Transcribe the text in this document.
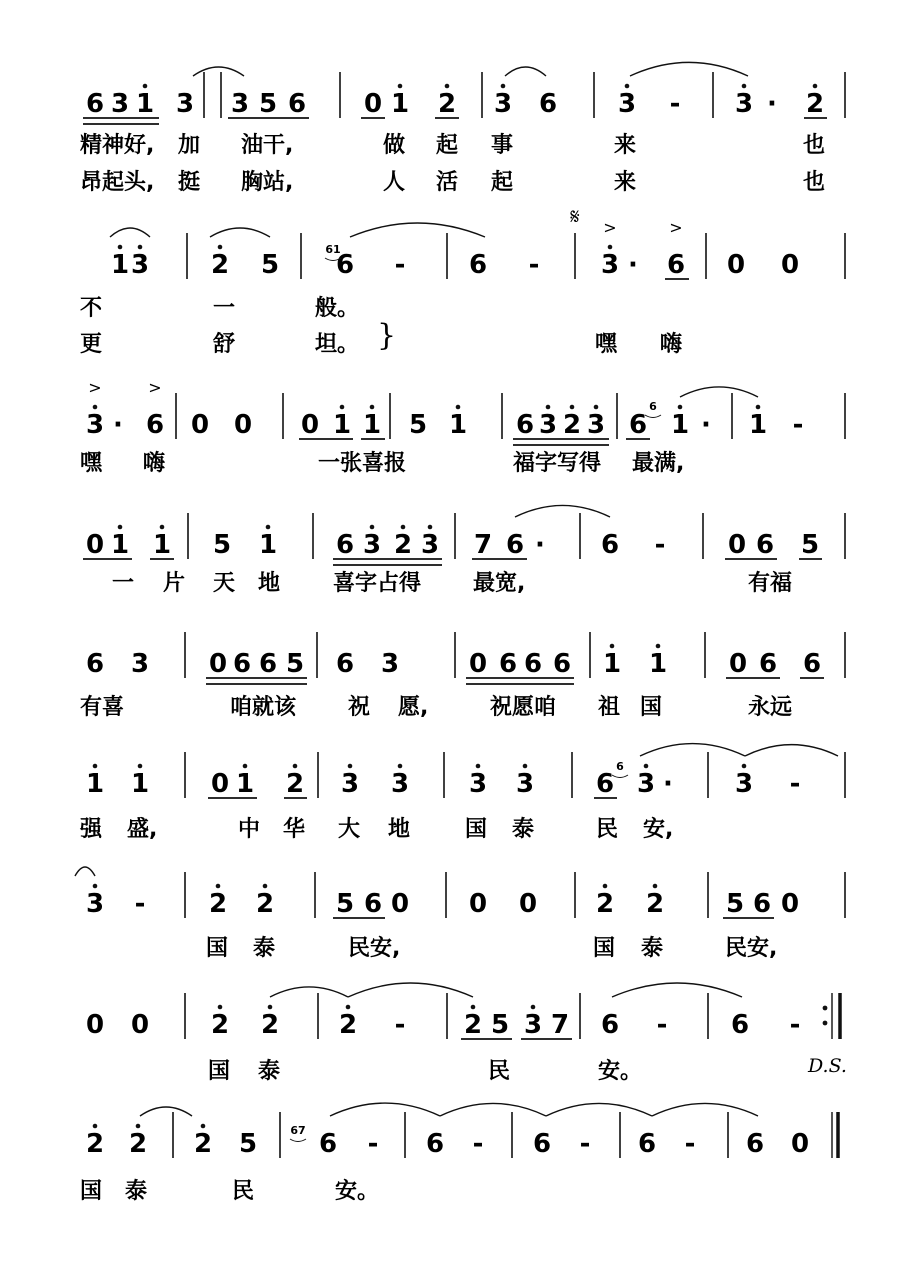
6 3 1 3 3 5 6 0 1 2 3 6 3 - 3 · 2
精神好, 加 油干,	做 起 事	来	也
昂起头, 挺 胸站,	人 活 起	来	也
1 3 2 5 6 - 6 - 3
>
· 6
>
0 0
不	一	般。
更	舒	坦。	嘿 嗨
3
>
· 6
>
0 0 0 1 1 5 1 6 3 2 3 6 1 · 1 -
6
嘿 嗨	一张喜报	福字写得 最满,
0 1 1 5 1 6 3 2 3 7 6 · 6 - 0 6 5
一 片 天 地 喜字占得 最宽,	有福
6 3 0 6 6 5 6 3	0 6 6 6 1 1 0 6 6
有喜	咱就该 祝 愿,	祝愿咱 祖 国	永远
1 1 0 1 2 3 3 3 3 6 3 · 3 -
6
强 盛,	中 华 大 地 国 泰	民 安,
3 - 2 2 5 6 0 0 0 2 2 5 6 0
国 泰	民安,	国 泰	民安,
0 0 2 2 2 - 2 5 3 7 6 - 6 -
国 泰	民	安。	D.S.
2 2 2 5 6 - 6 - 6 - 6 - 6 0
67
国 泰	民	安。
61
𝄋
}
